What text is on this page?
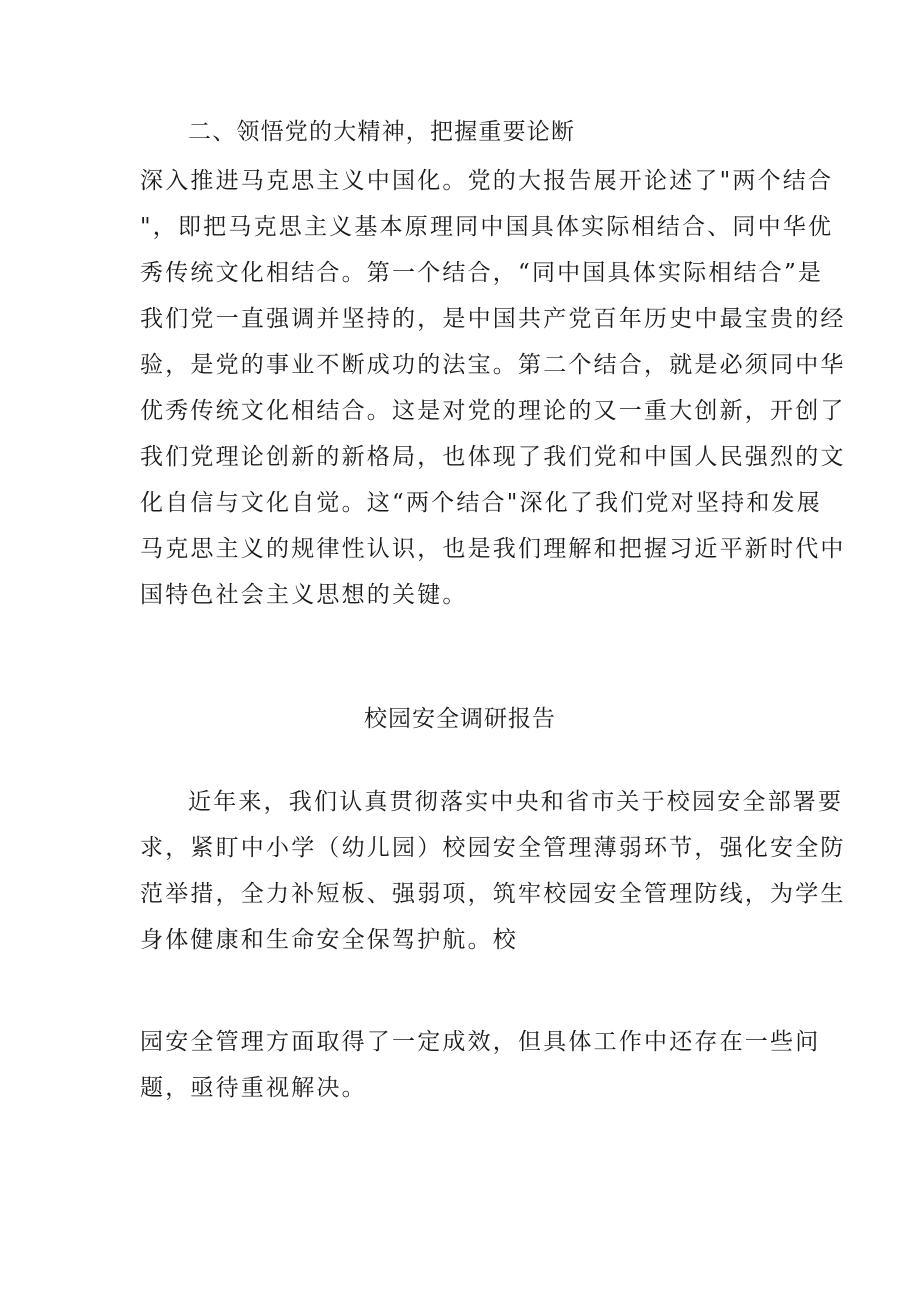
二、领悟党的大精神，把握重要论断
深入推进马克思主义中国化。党的大报告展开论述了"两个结合
"，即把马克思主义基本原理同中国具体实际相结合、同中华优
秀传统文化相结合。第一个结合，“同中国具体实际相结合”是
我们党一直强调并坚持的，是中国共产党百年历史中最宝贵的经
验，是党的事业不断成功的法宝。第二个结合，就是必须同中华
优秀传统文化相结合。这是对党的理论的又一重大创新，开创了
我们党理论创新的新格局，也体现了我们党和中国人民强烈的文
化自信与文化自觉。这“两个结合"深化了我们党对坚持和发展
马克思主义的规律性认识，也是我们理解和把握习近平新时代中
国特色社会主义思想的关键。
校园安全调研报告
近年来，我们认真贯彻落实中央和省市关于校园安全部署要
求，紧盯中小学（幼儿园）校园安全管理薄弱环节，强化安全防
范举措，全力补短板、强弱项，筑牢校园安全管理防线，为学生
身体健康和生命安全保驾护航。校
园安全管理方面取得了一定成效，但具体工作中还存在一些问
题，亟待重视解决。
